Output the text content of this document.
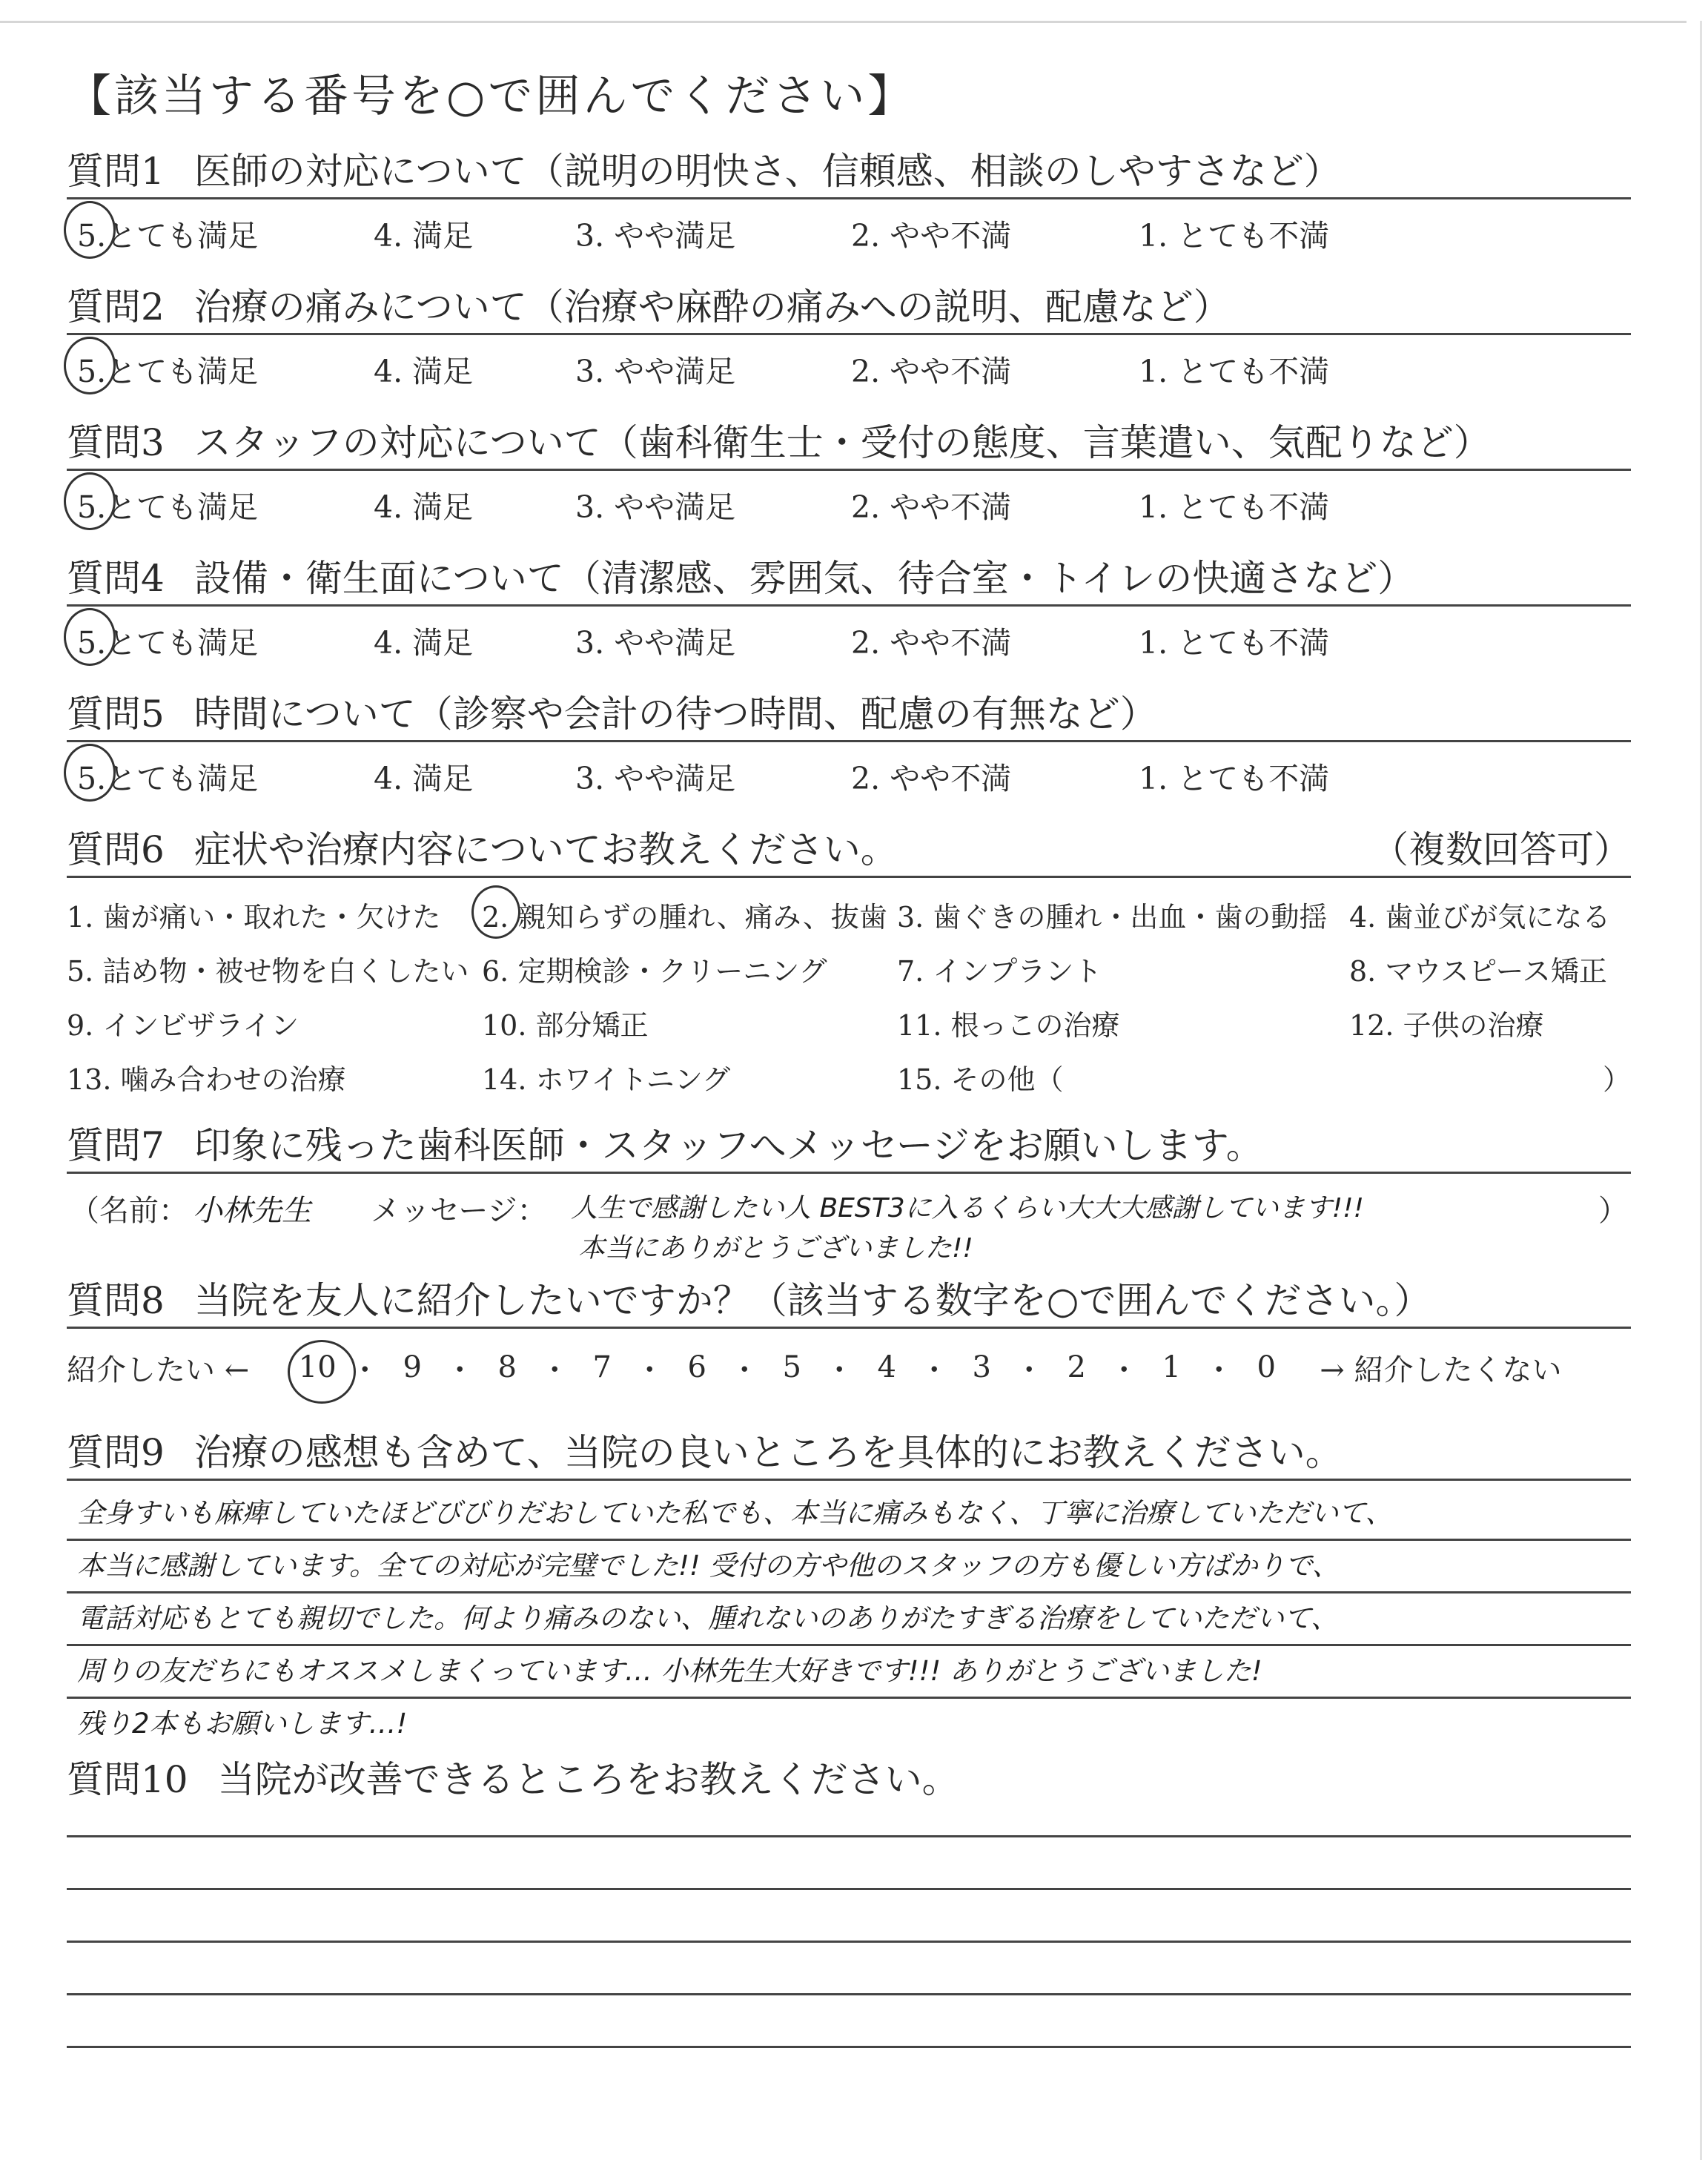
【該当する番号を○で囲んでください】
質問1 医師の対応について（説明の明快さ、信頼感、相談のしやすさなど）
5.とても満足	4. 満足	3. やや満足	2. やや不満	1. とても不満
質問2 治療の痛みについて（治療や麻酔の痛みへの説明、配慮など）
5.とても満足	4. 満足	3. やや満足	2. やや不満	1. とても不満
質問3 スタッフの対応について（歯科衛生士・受付の態度、言葉遣い、気配りなど）
5.とても満足	4. 満足	3. やや満足	2. やや不満	1. とても不満
質問4 設備・衛生面について（清潔感、雰囲気、待合室・トイレの快適さなど）
5.とても満足	4. 満足	3. やや満足	2. やや不満	1. とても不満
質問5 時間について（診察や会計の待つ時間、配慮の有無など）
5.とても満足	4. 満足	3. やや満足	2. やや不満	1. とても不満
質問6 症状や治療内容についてお教えください。	（複数回答可）
1. 歯が痛い・取れた・欠けた	2. 親知らずの腫れ、痛み、抜歯 3. 歯ぐきの腫れ・出血・歯の動揺 4. 歯並びが気になる
5. 詰め物・被せ物を白くしたい 6. 定期検診・クリーニング	7. インプラント	8. マウスピース矯正
9. インビザライン	10. 部分矯正	11. 根っこの治療	12. 子供の治療
13. 噛み合わせの治療	14. ホワイトニング	15. その他（	）
質問7 印象に残った歯科医師・スタッフへメッセージをお願いします。
（名前： 小林先生 メッセージ： 人生で感謝したい人 BEST3に入るくらい大大大感謝しています!!!
本当にありがとうございました!!
）
質問8 当院を友人に紹介したいですか？（該当する数字を○で囲んでください。）
紹介したい ← 10 ・ 9 ・ 8 ・ 7 ・ 6 ・ 5 ・ 4 ・ 3 ・ 2 ・ 1 ・ 0	→ 紹介したくない
質問9 治療の感想も含めて、当院の良いところを具体的にお教えください。
全身すいも麻痺していたほどびびりだおしていた私でも、本当に痛みもなく、丁寧に治療していただいて、
本当に感謝しています。全ての対応が完璧でした!! 受付の方や他のスタッフの方も優しい方ばかりで、
電話対応もとても親切でした。何より痛みのない、腫れないのありがたすぎる治療をしていただいて、
周りの友だちにもオススメしまくっています… 小林先生大好きです!!! ありがとうございました!
残り2本もお願いします…!
質問10 当院が改善できるところをお教えください。
